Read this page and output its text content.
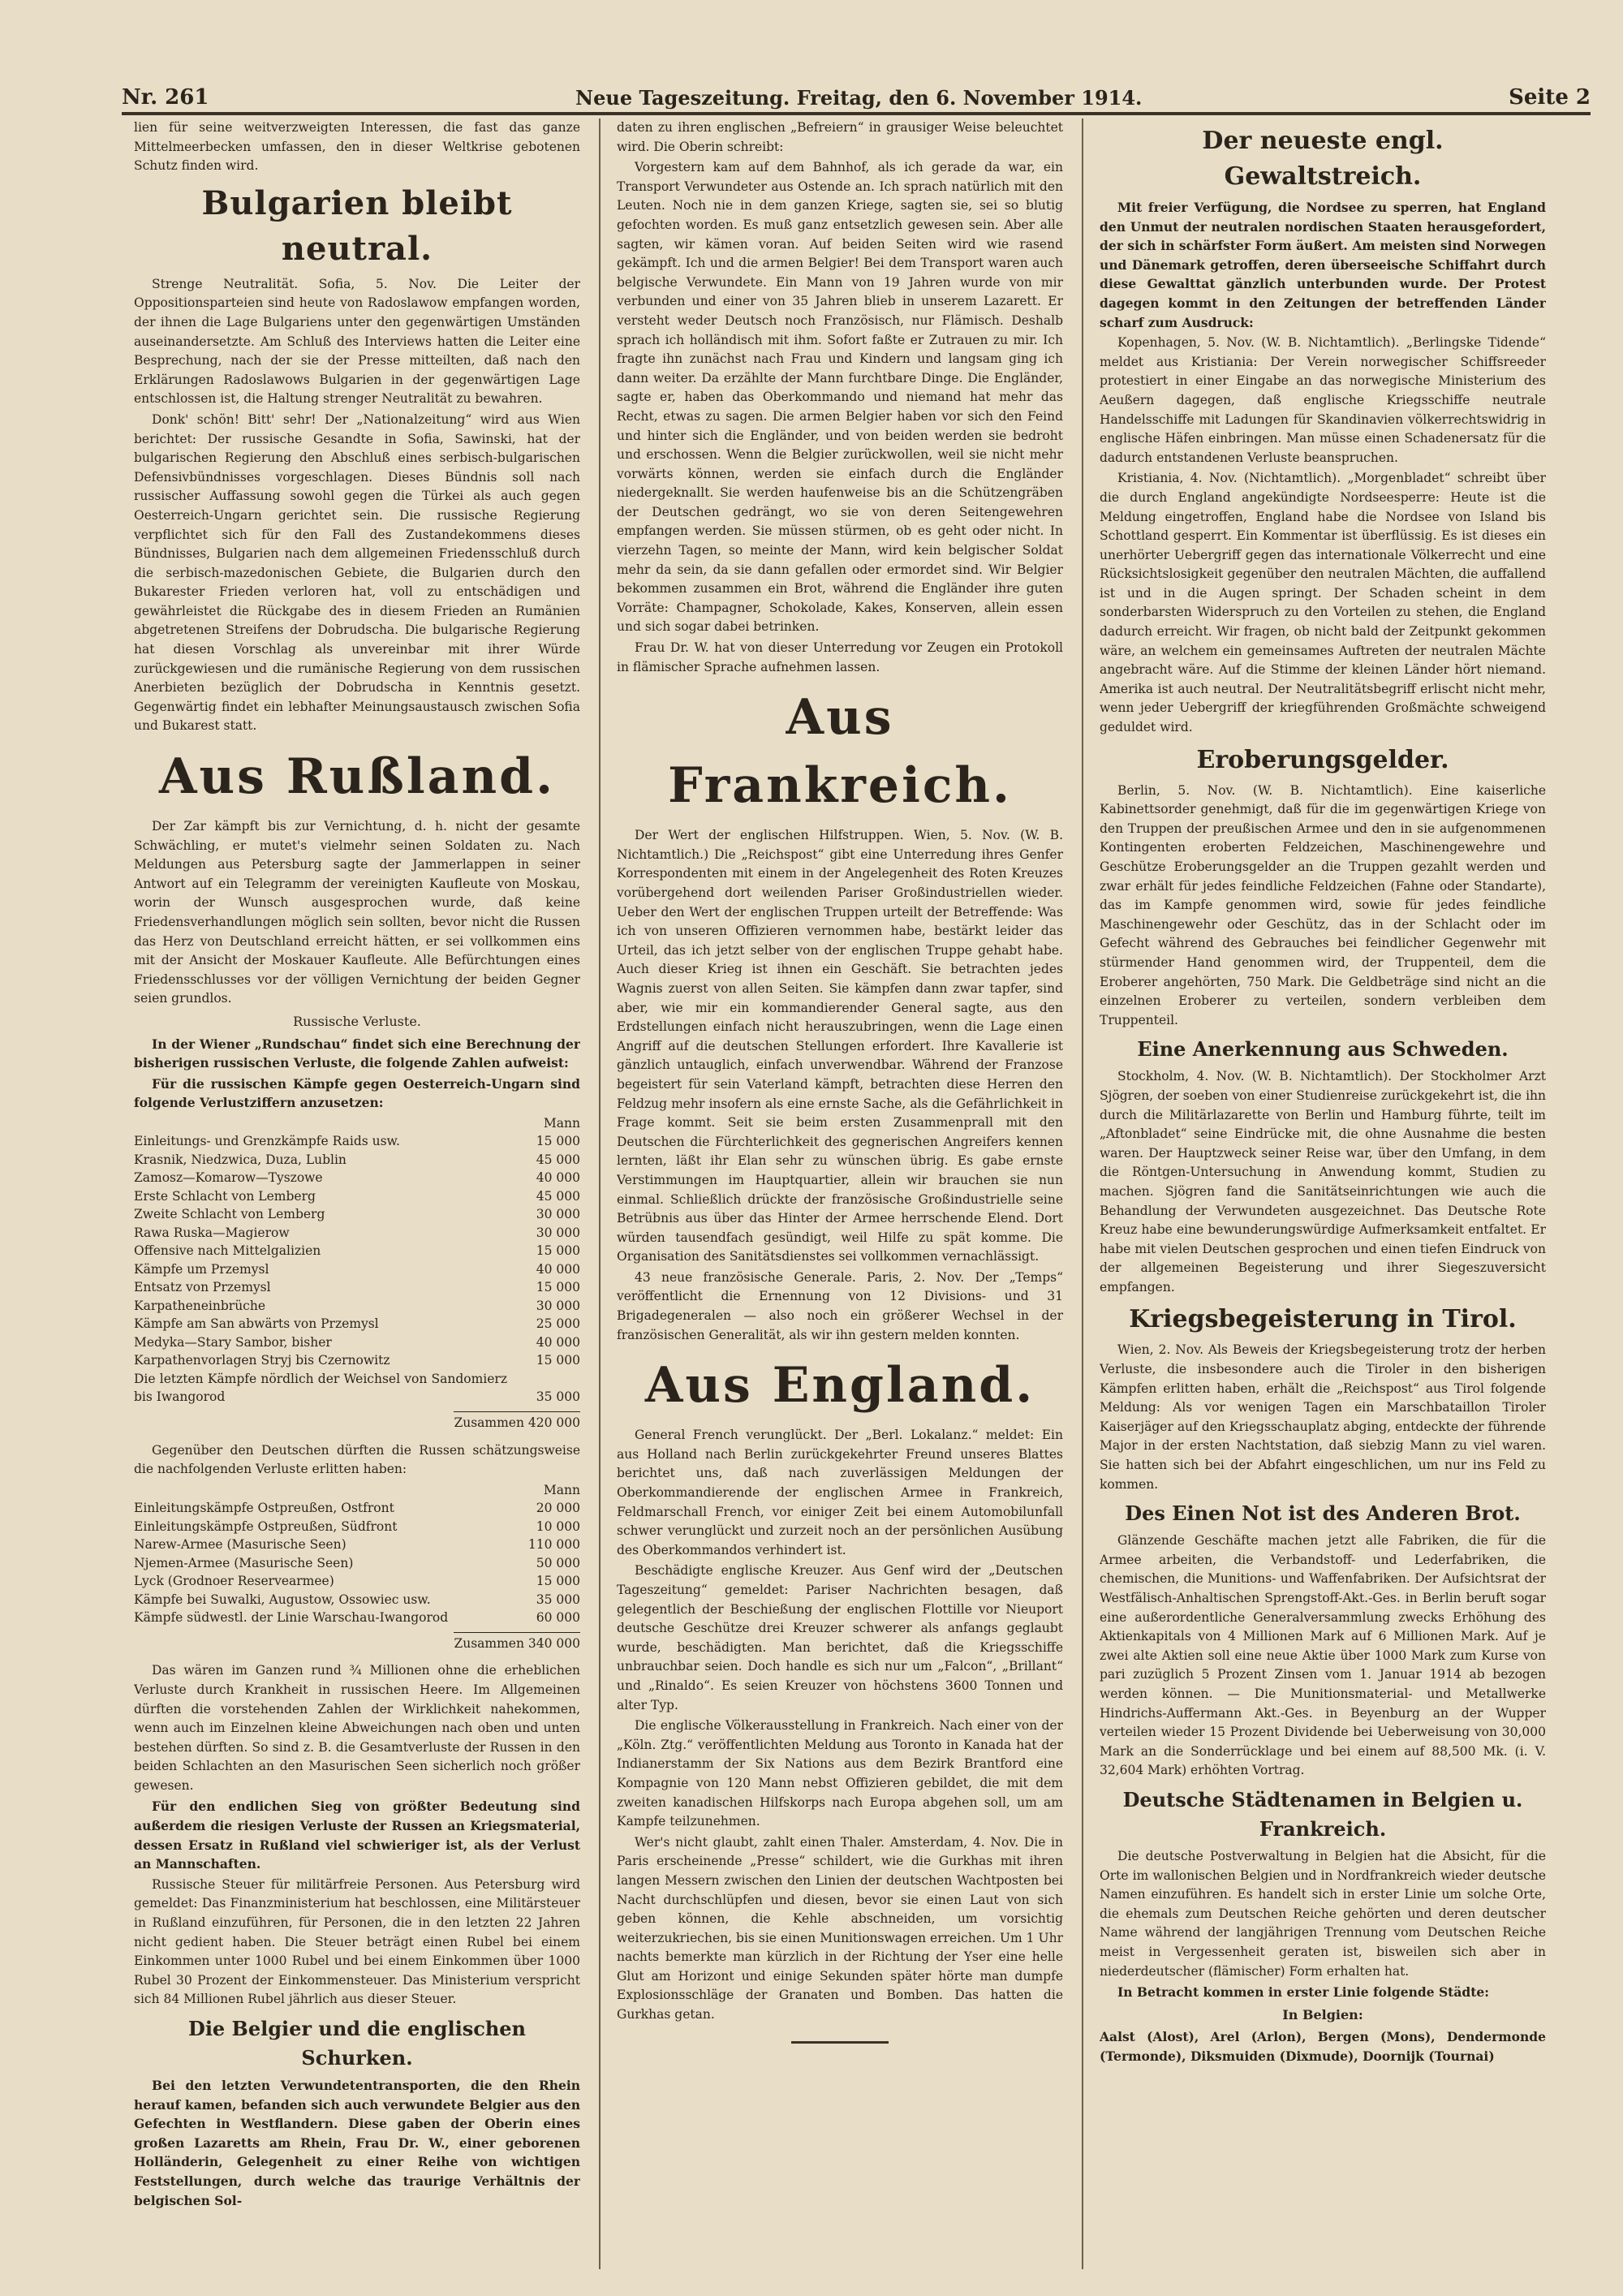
Nr. 261	Neue Tageszeitung. Freitag, den 6. November 1914.	Seite 2

lien für seine weitverzweigten Interessen, die fast das ganze Mittelmeerbecken umfassen, den in dieser Weltkrise gebotenen Schutz finden wird.

Bulgarien bleibt neutral.

Strenge Neutralität. Sofia, 5. Nov. Die Leiter der Oppositionsparteien sind heute von Radoslawow empfangen worden, der ihnen die Lage Bulgariens unter den gegenwärtigen Umständen auseinandersetzte. Am Schluß des Interviews hatten die Leiter eine Besprechung, nach der sie der Presse mitteilten, daß nach den Erklärungen Radoslawows Bulgarien in der gegenwärtigen Lage entschlossen ist, die Haltung strenger Neutralität zu bewahren.

Donk' schön! Bitt' sehr! Der „Nationalzeitung“ wird aus Wien berichtet: Der russische Gesandte in Sofia, Sawinski, hat der bulgarischen Regierung den Abschluß eines serbisch-bulgarischen Defensivbündnisses vorgeschlagen. Dieses Bündnis soll nach russischer Auffassung sowohl gegen die Türkei als auch gegen Oesterreich-Ungarn gerichtet sein. Die russische Regierung verpflichtet sich für den Fall des Zustandekommens dieses Bündnisses, Bulgarien nach dem allgemeinen Friedensschluß durch die serbisch-mazedonischen Gebiete, die Bulgarien durch den Bukarester Frieden verloren hat, voll zu entschädigen und gewährleistet die Rückgabe des in diesem Frieden an Rumänien abgetretenen Streifens der Dobrudscha. Die bulgarische Regierung hat diesen Vorschlag als unvereinbar mit ihrer Würde zurückgewiesen und die rumänische Regierung von dem russischen Anerbieten bezüglich der Dobrudscha in Kenntnis gesetzt. Gegenwärtig findet ein lebhafter Meinungsaustausch zwischen Sofia und Bukarest statt.

Aus Rußland.

Der Zar kämpft bis zur Vernichtung, d. h. nicht der gesamte Schwächling, er mutet's vielmehr seinen Soldaten zu. Nach Meldungen aus Petersburg sagte der Jammerlappen in seiner Antwort auf ein Telegramm der vereinigten Kaufleute von Moskau, worin der Wunsch ausgesprochen wurde, daß keine Friedensverhandlungen möglich sein sollten, bevor nicht die Russen das Herz von Deutschland erreicht hätten, er sei vollkommen eins mit der Ansicht der Moskauer Kaufleute. Alle Befürchtungen eines Friedensschlusses vor der völligen Vernichtung der beiden Gegner seien grundlos.

Russische Verluste.

In der Wiener „Rundschau“ findet sich eine Berechnung der bisherigen russischen Verluste, die folgende Zahlen aufweist:

Für die russischen Kämpfe gegen Oesterreich-Ungarn sind folgende Verlustziffern anzusetzen:

	Mann
Einleitungs- und Grenzkämpfe Raids usw.	15 000
Krasnik, Niedzwica, Duza, Lublin	45 000
Zamosz—Komarow—Tyszowe	40 000
Erste Schlacht von Lemberg	45 000
Zweite Schlacht von Lemberg	30 000
Rawa Ruska—Magierow	30 000
Offensive nach Mittelgalizien	15 000
Kämpfe um Przemysl	40 000
Entsatz von Przemysl	15 000
Karpatheneinbrüche	30 000
Kämpfe am San abwärts von Przemysl	25 000
Medyka—Stary Sambor, bisher	40 000
Karpathenvorlagen Stryj bis Czernowitz	15 000
Die letzten Kämpfe nördlich der Weichsel von Sandomierz bis Iwangorod	35 000
Zusammen 420 000

Gegenüber den Deutschen dürften die Russen schätzungsweise die nachfolgenden Verluste erlitten haben:

	Mann
Einleitungskämpfe Ostpreußen, Ostfront	20 000
Einleitungskämpfe Ostpreußen, Südfront	10 000
Narew-Armee (Masurische Seen)	110 000
Njemen-Armee (Masurische Seen)	50 000
Lyck (Grodnoer Reservearmee)	15 000
Kämpfe bei Suwalki, Augustow, Ossowiec usw.	35 000
Kämpfe südwestl. der Linie Warschau-Iwangorod	60 000
Zusammen 340 000

Das wären im Ganzen rund ¾ Millionen ohne die erheblichen Verluste durch Krankheit in russischen Heere. Im Allgemeinen dürften die vorstehenden Zahlen der Wirklichkeit nahekommen, wenn auch im Einzelnen kleine Abweichungen nach oben und unten bestehen dürften. So sind z. B. die Gesamtverluste der Russen in den beiden Schlachten an den Masurischen Seen sicherlich noch größer gewesen.

Für den endlichen Sieg von größter Bedeutung sind außerdem die riesigen Verluste der Russen an Kriegsmaterial, dessen Ersatz in Rußland viel schwieriger ist, als der Verlust an Mannschaften.

Russische Steuer für militärfreie Personen. Aus Petersburg wird gemeldet: Das Finanzministerium hat beschlossen, eine Militärsteuer in Rußland einzuführen, für Personen, die in den letzten 22 Jahren nicht gedient haben. Die Steuer beträgt einen Rubel bei einem Einkommen unter 1000 Rubel und bei einem Einkommen über 1000 Rubel 30 Prozent der Einkommensteuer. Das Ministerium verspricht sich 84 Millionen Rubel jährlich aus dieser Steuer.

Die Belgier und die englischen Schurken.

Bei den letzten Verwundetentransporten, die den Rhein herauf kamen, befanden sich auch verwundete Belgier aus den Gefechten in Westflandern. Diese gaben der Oberin eines großen Lazaretts am Rhein, Frau Dr. W., einer geborenen Holländerin, Gelegenheit zu einer Reihe von wichtigen Feststellungen, durch welche das traurige Verhältnis der belgischen Sol-

daten zu ihren englischen „Befreiern“ in grausiger Weise beleuchtet wird. Die Oberin schreibt:

Vorgestern kam auf dem Bahnhof, als ich gerade da war, ein Transport Verwundeter aus Ostende an. Ich sprach natürlich mit den Leuten. Noch nie in dem ganzen Kriege, sagten sie, sei so blutig gefochten worden. Es muß ganz entsetzlich gewesen sein. Aber alle sagten, wir kämen voran. Auf beiden Seiten wird wie rasend gekämpft. Ich und die armen Belgier! Bei dem Transport waren auch belgische Verwundete. Ein Mann von 19 Jahren wurde von mir verbunden und einer von 35 Jahren blieb in unserem Lazarett. Er versteht weder Deutsch noch Französisch, nur Flämisch. Deshalb sprach ich holländisch mit ihm. Sofort faßte er Zutrauen zu mir. Ich fragte ihn zunächst nach Frau und Kindern und langsam ging ich dann weiter. Da erzählte der Mann furchtbare Dinge. Die Engländer, sagte er, haben das Oberkommando und niemand hat mehr das Recht, etwas zu sagen. Die armen Belgier haben vor sich den Feind und hinter sich die Engländer, und von beiden werden sie bedroht und erschossen. Wenn die Belgier zurückwollen, weil sie nicht mehr vorwärts können, werden sie einfach durch die Engländer niedergeknallt. Sie werden haufenweise bis an die Schützengräben der Deutschen gedrängt, wo sie von deren Seitengewehren empfangen werden. Sie müssen stürmen, ob es geht oder nicht. In vierzehn Tagen, so meinte der Mann, wird kein belgischer Soldat mehr da sein, da sie dann gefallen oder ermordet sind. Wir Belgier bekommen zusammen ein Brot, während die Engländer ihre guten Vorräte: Champagner, Schokolade, Kakes, Konserven, allein essen und sich sogar dabei betrinken.

Frau Dr. W. hat von dieser Unterredung vor Zeugen ein Protokoll in flämischer Sprache aufnehmen lassen.

Aus Frankreich.

Der Wert der englischen Hilfstruppen. Wien, 5. Nov. (W. B. Nichtamtlich.) Die „Reichspost“ gibt eine Unterredung ihres Genfer Korrespondenten mit einem in der Angelegenheit des Roten Kreuzes vorübergehend dort weilenden Pariser Großindustriellen wieder. Ueber den Wert der englischen Truppen urteilt der Betreffende: Was ich von unseren Offizieren vernommen habe, bestärkt leider das Urteil, das ich jetzt selber von der englischen Truppe gehabt habe. Auch dieser Krieg ist ihnen ein Geschäft. Sie betrachten jedes Wagnis zuerst von allen Seiten. Sie kämpfen dann zwar tapfer, sind aber, wie mir ein kommandierender General sagte, aus den Erdstellungen einfach nicht herauszubringen, wenn die Lage einen Angriff auf die deutschen Stellungen erfordert. Ihre Kavallerie ist gänzlich untauglich, einfach unverwendbar. Während der Franzose begeistert für sein Vaterland kämpft, betrachten diese Herren den Feldzug mehr insofern als eine ernste Sache, als die Gefährlichkeit in Frage kommt. Seit sie beim ersten Zusammenprall mit den Deutschen die Fürchterlichkeit des gegnerischen Angreifers kennen lernten, läßt ihr Elan sehr zu wünschen übrig. Es gabe ernste Verstimmungen im Hauptquartier, allein wir brauchen sie nun einmal. Schließlich drückte der französische Großindustrielle seine Betrübnis aus über das Hinter der Armee herrschende Elend. Dort würden tausendfach gesündigt, weil Hilfe zu spät komme. Die Organisation des Sanitätsdienstes sei vollkommen vernachlässigt.

43 neue französische Generale. Paris, 2. Nov. Der „Temps“ veröffentlicht die Ernennung von 12 Divisions- und 31 Brigadegeneralen — also noch ein größerer Wechsel in der französischen Generalität, als wir ihn gestern melden konnten.

Aus England.

General French verunglückt. Der „Berl. Lokalanz.“ meldet: Ein aus Holland nach Berlin zurückgekehrter Freund unseres Blattes berichtet uns, daß nach zuverlässigen Meldungen der Oberkommandierende der englischen Armee in Frankreich, Feldmarschall French, vor einiger Zeit bei einem Automobilunfall schwer verunglückt und zurzeit noch an der persönlichen Ausübung des Oberkommandos verhindert ist.

Beschädigte englische Kreuzer. Aus Genf wird der „Deutschen Tageszeitung“ gemeldet: Pariser Nachrichten besagen, daß gelegentlich der Beschießung der englischen Flottille vor Nieuport deutsche Geschütze drei Kreuzer schwerer als anfangs geglaubt wurde, beschädigten. Man berichtet, daß die Kriegsschiffe unbrauchbar seien. Doch handle es sich nur um „Falcon“, „Brillant“ und „Rinaldo“. Es seien Kreuzer von höchstens 3600 Tonnen und alter Typ.

Die englische Völkerausstellung in Frankreich. Nach einer von der „Köln. Ztg.“ veröffentlichten Meldung aus Toronto in Kanada hat der Indianerstamm der Six Nations aus dem Bezirk Brantford eine Kompagnie von 120 Mann nebst Offizieren gebildet, die mit dem zweiten kanadischen Hilfskorps nach Europa abgehen soll, um am Kampfe teilzunehmen.

Wer's nicht glaubt, zahlt einen Thaler. Amsterdam, 4. Nov. Die in Paris erscheinende „Presse“ schildert, wie die Gurkhas mit ihren langen Messern zwischen den Linien der deutschen Wachtposten bei Nacht durchschlüpfen und diesen, bevor sie einen Laut von sich geben können, die Kehle abschneiden, um vorsichtig weiterzukriechen, bis sie einen Munitionswagen erreichen. Um 1 Uhr nachts bemerkte man kürzlich in der Richtung der Yser eine helle Glut am Horizont und einige Sekunden später hörte man dumpfe Explosionsschläge der Granaten und Bomben. Das hatten die Gurkhas getan.

Der neueste engl. Gewaltstreich.

Mit freier Verfügung, die Nordsee zu sperren, hat England den Unmut der neutralen nordischen Staaten herausgefordert, der sich in schärfster Form äußert. Am meisten sind Norwegen und Dänemark getroffen, deren überseeische Schiffahrt durch diese Gewalttat gänzlich unterbunden wurde. Der Protest dagegen kommt in den Zeitungen der betreffenden Länder scharf zum Ausdruck:

Kopenhagen, 5. Nov. (W. B. Nichtamtlich). „Berlingske Tidende“ meldet aus Kristiania: Der Verein norwegischer Schiffsreeder protestiert in einer Eingabe an das norwegische Ministerium des Aeußern dagegen, daß englische Kriegsschiffe neutrale Handelsschiffe mit Ladungen für Skandinavien völkerrechtswidrig in englische Häfen einbringen. Man müsse einen Schadenersatz für die dadurch entstandenen Verluste beanspruchen.

Kristiania, 4. Nov. (Nichtamtlich). „Morgenbladet“ schreibt über die durch England angekündigte Nordseesperre: Heute ist die Meldung eingetroffen, England habe die Nordsee von Island bis Schottland gesperrt. Ein Kommentar ist überflüssig. Es ist dieses ein unerhörter Uebergriff gegen das internationale Völkerrecht und eine Rücksichtslosigkeit gegenüber den neutralen Mächten, die auffallend ist und in die Augen springt. Der Schaden scheint in dem sonderbarsten Widerspruch zu den Vorteilen zu stehen, die England dadurch erreicht. Wir fragen, ob nicht bald der Zeitpunkt gekommen wäre, an welchem ein gemeinsames Auftreten der neutralen Mächte angebracht wäre. Auf die Stimme der kleinen Länder hört niemand. Amerika ist auch neutral. Der Neutralitätsbegriff erlischt nicht mehr, wenn jeder Uebergriff der kriegführenden Großmächte schweigend geduldet wird.

Eroberungsgelder.

Berlin, 5. Nov. (W. B. Nichtamtlich). Eine kaiserliche Kabinettsorder genehmigt, daß für die im gegenwärtigen Kriege von den Truppen der preußischen Armee und den in sie aufgenommenen Kontingenten eroberten Feldzeichen, Maschinengewehre und Geschütze Eroberungsgelder an die Truppen gezahlt werden und zwar erhält für jedes feindliche Feldzeichen (Fahne oder Standarte), das im Kampfe genommen wird, sowie für jedes feindliche Maschinengewehr oder Geschütz, das in der Schlacht oder im Gefecht während des Gebrauches bei feindlicher Gegenwehr mit stürmender Hand genommen wird, der Truppenteil, dem die Eroberer angehörten, 750 Mark. Die Geldbeträge sind nicht an die einzelnen Eroberer zu verteilen, sondern verbleiben dem Truppenteil.

Eine Anerkennung aus Schweden.

Stockholm, 4. Nov. (W. B. Nichtamtlich). Der Stockholmer Arzt Sjögren, der soeben von einer Studienreise zurückgekehrt ist, die ihn durch die Militärlazarette von Berlin und Hamburg führte, teilt im „Aftonbladet“ seine Eindrücke mit, die ohne Ausnahme die besten waren. Der Hauptzweck seiner Reise war, über den Umfang, in dem die Röntgen-Untersuchung in Anwendung kommt, Studien zu machen. Sjögren fand die Sanitätseinrichtungen wie auch die Behandlung der Verwundeten ausgezeichnet. Das Deutsche Rote Kreuz habe eine bewunderungswürdige Aufmerksamkeit entfaltet. Er habe mit vielen Deutschen gesprochen und einen tiefen Eindruck von der allgemeinen Begeisterung und ihrer Siegeszuversicht empfangen.

Kriegsbegeisterung in Tirol.

Wien, 2. Nov. Als Beweis der Kriegsbegeisterung trotz der herben Verluste, die insbesondere auch die Tiroler in den bisherigen Kämpfen erlitten haben, erhält die „Reichspost“ aus Tirol folgende Meldung: Als vor wenigen Tagen ein Marschbataillon Tiroler Kaiserjäger auf den Kriegsschauplatz abging, entdeckte der führende Major in der ersten Nachtstation, daß siebzig Mann zu viel waren. Sie hatten sich bei der Abfahrt eingeschlichen, um nur ins Feld zu kommen.

Des Einen Not ist des Anderen Brot.

Glänzende Geschäfte machen jetzt alle Fabriken, die für die Armee arbeiten, die Verbandstoff- und Lederfabriken, die chemischen, die Munitions- und Waffenfabriken. Der Aufsichtsrat der Westfälisch-Anhaltischen Sprengstoff-Akt.-Ges. in Berlin beruft sogar eine außerordentliche Generalversammlung zwecks Erhöhung des Aktienkapitals von 4 Millionen Mark auf 6 Millionen Mark. Auf je zwei alte Aktien soll eine neue Aktie über 1000 Mark zum Kurse von pari zuzüglich 5 Prozent Zinsen vom 1. Januar 1914 ab bezogen werden können. — Die Munitionsmaterial- und Metallwerke Hindrichs-Auffermann Akt.-Ges. in Beyenburg an der Wupper verteilen wieder 15 Prozent Dividende bei Ueberweisung von 30,000 Mark an die Sonderrücklage und bei einem auf 88,500 Mk. (i. V. 32,604 Mark) erhöhten Vortrag.

Deutsche Städtenamen in Belgien u. Frankreich.

Die deutsche Postverwaltung in Belgien hat die Absicht, für die Orte im wallonischen Belgien und in Nordfrankreich wieder deutsche Namen einzuführen. Es handelt sich in erster Linie um solche Orte, die ehemals zum Deutschen Reiche gehörten und deren deutscher Name während der langjährigen Trennung vom Deutschen Reiche meist in Vergessenheit geraten ist, bisweilen sich aber in niederdeutscher (flämischer) Form erhalten hat.

In Betracht kommen in erster Linie folgende Städte:

In Belgien:

Aalst (Alost), Arel (Arlon), Bergen (Mons), Dendermonde (Termonde), Diksmuiden (Dixmude), Doornijk (Tournai)
